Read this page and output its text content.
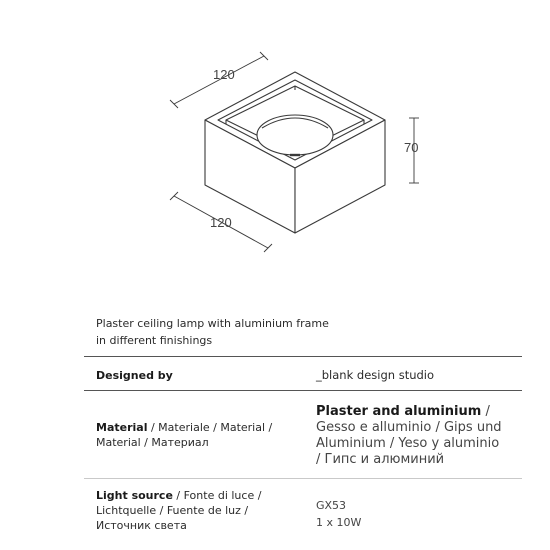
120
70
120
Plaster ceiling lamp with aluminium frame
in different finishings
Designed by	_blank design studio
Material / Materiale / Material /
Material / Материал
Plaster and aluminium /
Gesso e alluminio / Gips und
Aluminium / Yeso y aluminio
/ Гипс и алюминий
Light source / Fonte di luce /
Lichtquelle / Fuente de luz /
Источник света
GX53
1 x 10W
